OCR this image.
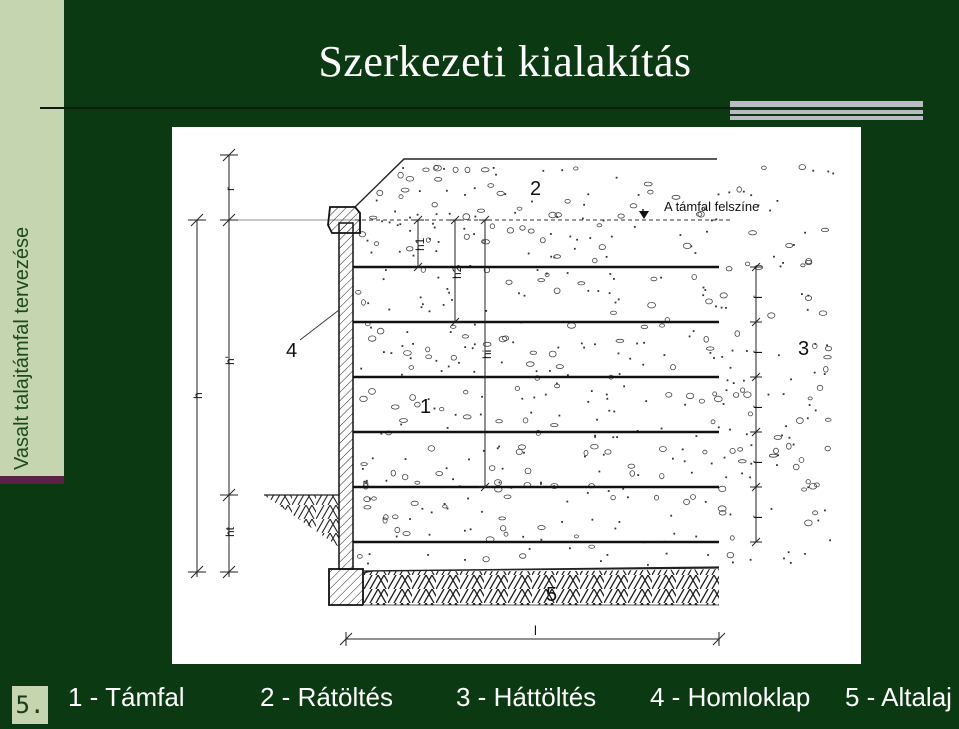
Vasalt talajtámfal tervezése
Szerkezeti kialakítás
A támfal felszíne
r
h'
h
ht
h1
h2
hi
f
f
f
f
f
l
1
2
3
4
5
5. 1 - Támfal	2 - Rátöltés 3 - Háttöltés 4 - Homloklap 5 - Altalaj
